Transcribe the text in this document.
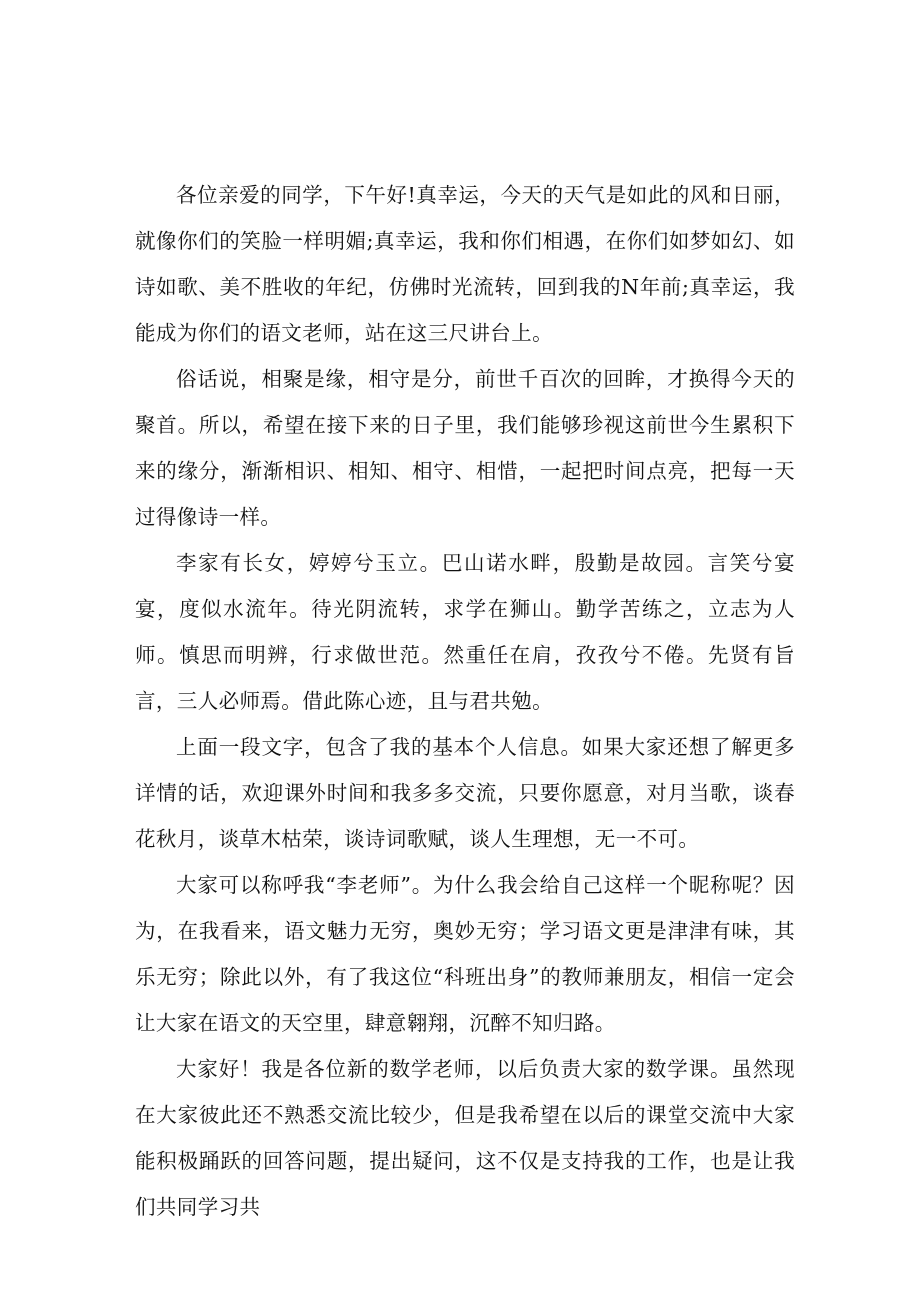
各位亲爱的同学，下午好!真幸运，今天的天气是如此的风和日丽，就像你们的笑脸一样明媚;真幸运，我和你们相遇，在你们如梦如幻、如诗如歌、美不胜收的年纪，仿佛时光流转，回到我的N年前;真幸运，我能成为你们的语文老师，站在这三尺讲台上。

俗话说，相聚是缘，相守是分，前世千百次的回眸，才换得今天的聚首。所以，希望在接下来的日子里，我们能够珍视这前世今生累积下来的缘分，渐渐相识、相知、相守、相惜，一起把时间点亮，把每一天过得像诗一样。

李家有长女，婷婷兮玉立。巴山诺水畔，殷勤是故园。言笑兮宴宴，度似水流年。待光阴流转，求学在狮山。勤学苦练之，立志为人师。慎思而明辨，行求做世范。然重任在肩，孜孜兮不倦。先贤有旨言，三人必师焉。借此陈心迹，且与君共勉。

上面一段文字，包含了我的基本个人信息。如果大家还想了解更多详情的话，欢迎课外时间和我多多交流，只要你愿意，对月当歌，谈春花秋月，谈草木枯荣，谈诗词歌赋，谈人生理想，无一不可。

大家可以称呼我“李老师”。为什么我会给自己这样一个昵称呢？因为，在我看来，语文魅力无穷，奥妙无穷；学习语文更是津津有味，其乐无穷；除此以外，有了我这位“科班出身”的教师兼朋友，相信一定会让大家在语文的天空里，肆意翱翔，沉醉不知归路。

大家好！我是各位新的数学老师，以后负责大家的数学课。虽然现在大家彼此还不熟悉交流比较少，但是我希望在以后的课堂交流中大家能积极踊跃的回答问题，提出疑问，这不仅是支持我的工作，也是让我们共同学习共
